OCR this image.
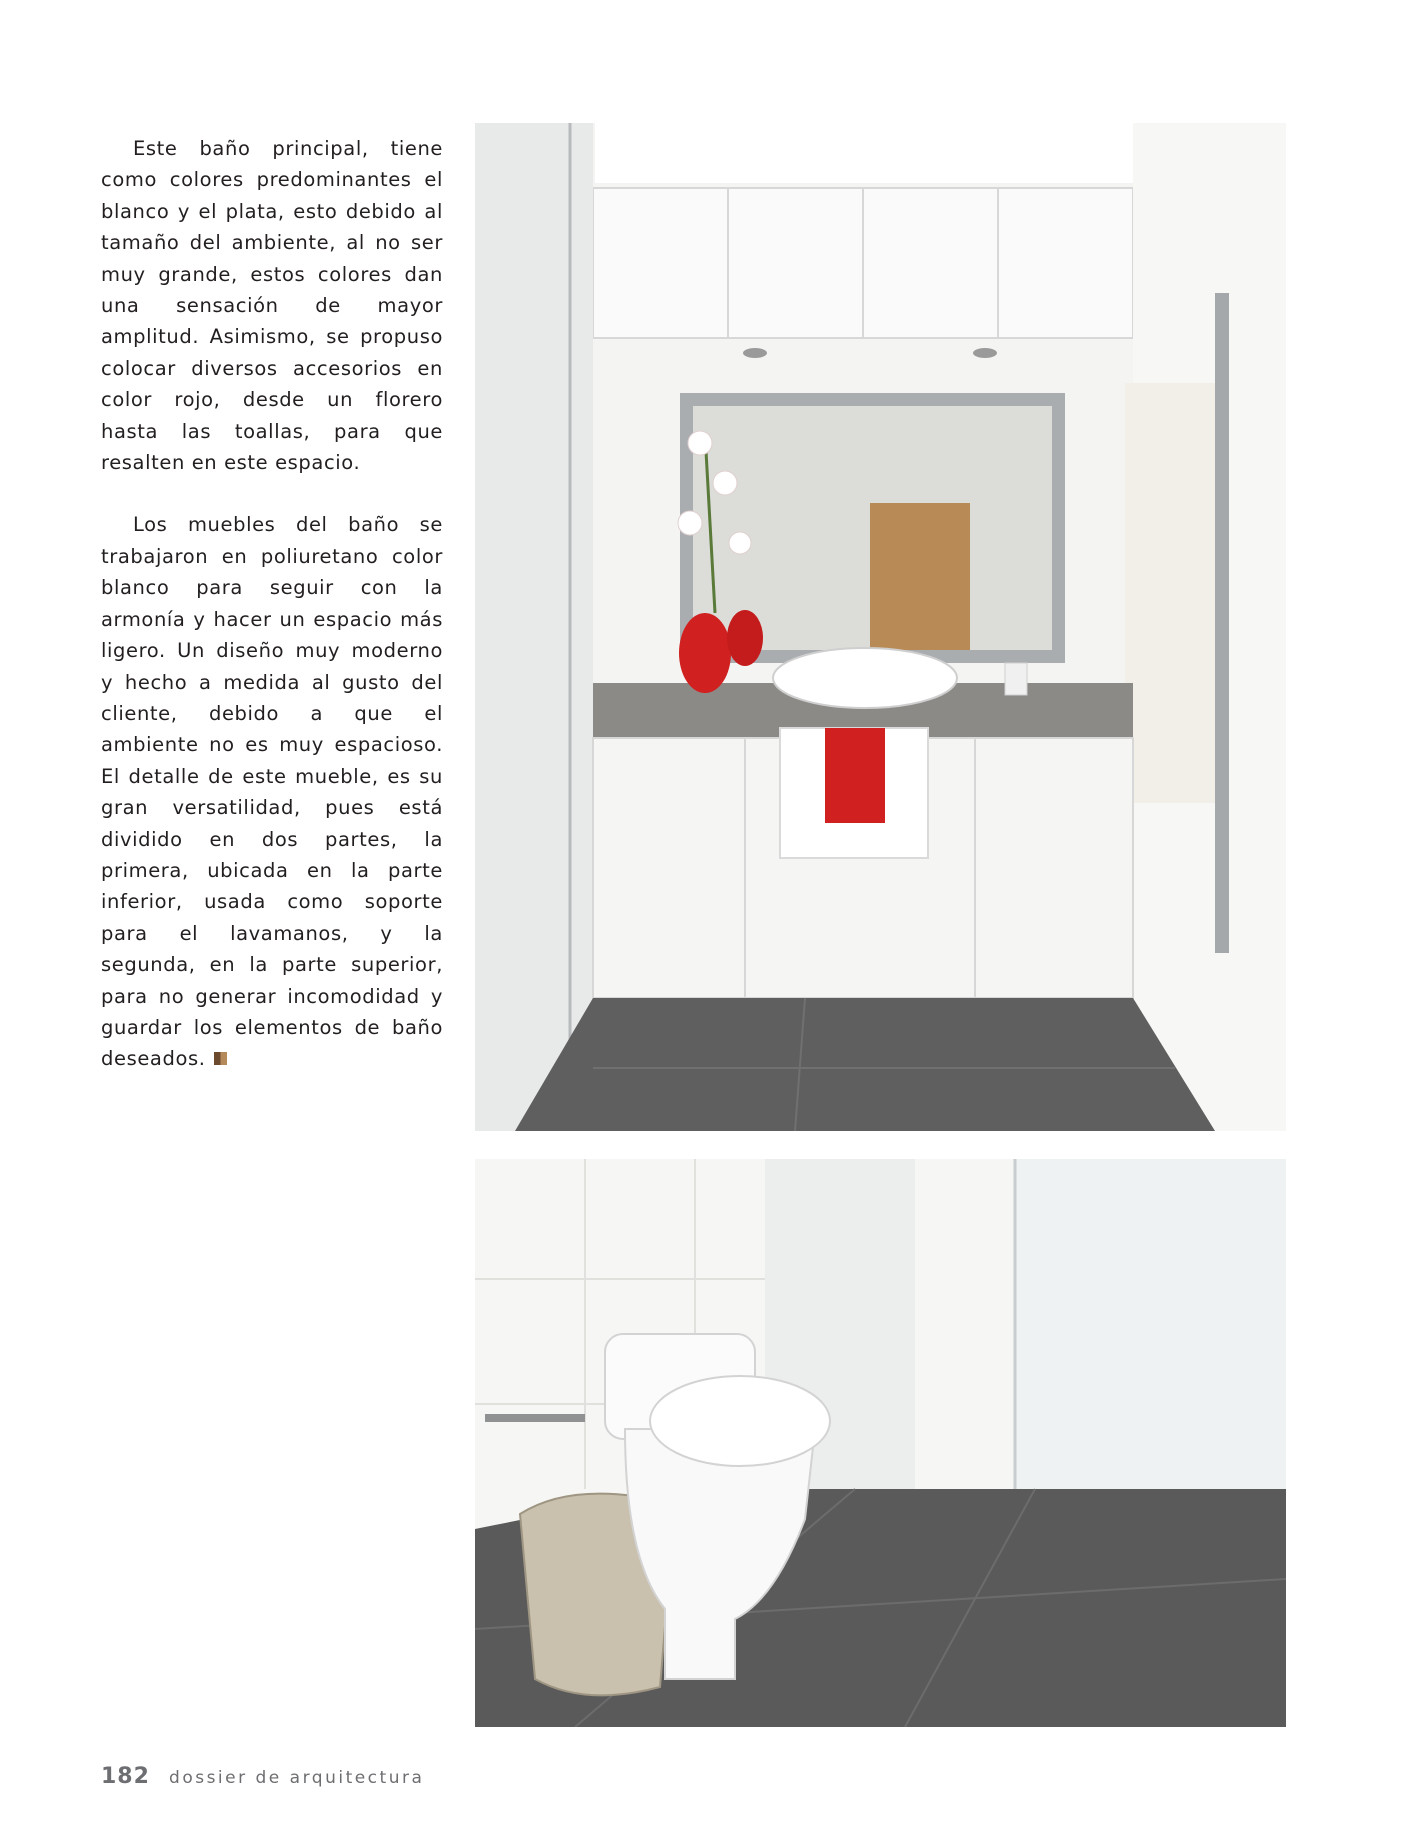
Este baño principal, tiene como colores predominantes el blanco y el plata, esto debido al tamaño del ambiente, al no ser muy grande, estos colores dan una sensación de mayor amplitud. Asimismo, se propuso colocar diversos accesorios en color rojo, desde un florero hasta las toallas, para que resalten en este espacio.

Los muebles del baño se trabajaron en poliuretano color blanco para seguir con la armonía y hacer un espacio más ligero. Un diseño muy moderno y hecho a medida al gusto del cliente, debido a que el ambiente no es muy espacioso. El detalle de este mueble, es su gran versatilidad, pues está dividido en dos partes, la primera, ubicada en la parte inferior, usada como soporte para el lavamanos, y la segunda, en la parte superior, para no generar incomodidad y guardar los elementos de baño deseados.

182 dossier de arquitectura
